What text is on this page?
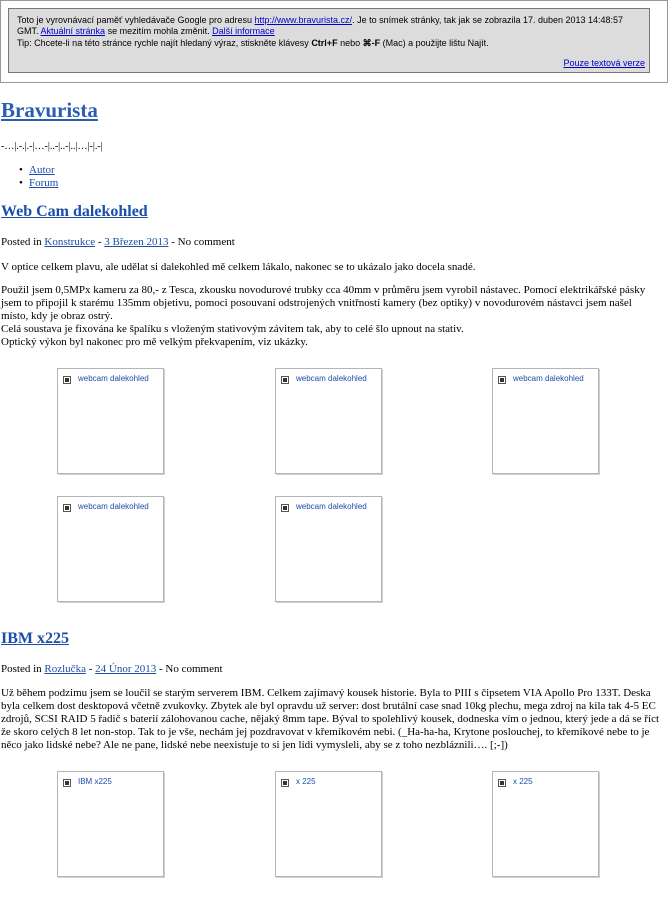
Toto je vyrovnávací paměť vyhledávače Google pro adresu http://www.bravurista.cz/. Je to snímek stránky, tak jak se zobrazila 17. duben 2013 14:48:57
GMT. Aktuální stránka se mezitím mohla změnit. Další informace
Tip: Chcete-li na této stránce rychle najít hledaný výraz, stiskněte klávesy Ctrl+F nebo ⌘-F (Mac) a použijte lištu Najít.
Pouze textová verze
Bravurista
-…|.-.|.-|…-|..-|..-|..|…|-|.-|
• Autor
• Forum
Web Cam dalekohled
Posted in Konstrukce - 3 Březen 2013 - No comment

V optice celkem plavu, ale udělat si dalekohled mě celkem lákalo, nakonec se to ukázalo jako docela snadé.

Použil jsem 0,5MPx kameru za 80,- z Tesca, zkousku novodurové trubky cca 40mm v průměru jsem vyrobil nástavec. Pomocí elektrikářské pásky jsem to připojil k starému 135mm objetivu, pomoci posouvaní odstrojených vnitřností kamery (bez optiky) v novodurovém nástavci jsem našel místo, kdy je obraz ostrý.

Celá soustava je fixována ke špalíku s vloženým stativovým závitem tak, aby to celé šlo upnout na stativ.

Optický výkon byl nakonec pro mě velkým překvapením, viz ukázky.

webcam dalekohled	webcam dalekohled	webcam dalekohled
webcam dalekohled	webcam dalekohled
IBM x225
Posted in Rozlučka - 24 Únor 2013 - No comment

Už během podzimu jsem se loučil se starým serverem IBM. Celkem zajímavý kousek historie. Byla to PIII s čipsetem VIA Apollo Pro 133T. Deska byla celkem dost desktopová včetně zvukovky. Zbytek ale byl opravdu už server: dost brutální case snad 10kg plechu, mega zdroj na kila tak 4-5 EC zdrojů, SCSI RAID 5 řadič s baterií zálohovanou cache, nějaký 8mm tape. Býval to spolehlivý kousek, dodneska vím o jednou, který jede a dá se říct že skoro celých 8 let non-stop. Tak to je vše, nechám jej pozdravovat v křemíkovém nebi. (_Ha-ha-ha, Krytone poslouchej, to křemíkové nebe to je něco jako lidské nebe? Ale ne pane, lidské nebe neexistuje to si jen lidi vymysleli, aby se z toho nezbláznili…. [;-])

IBM x225	x 225	x 225
